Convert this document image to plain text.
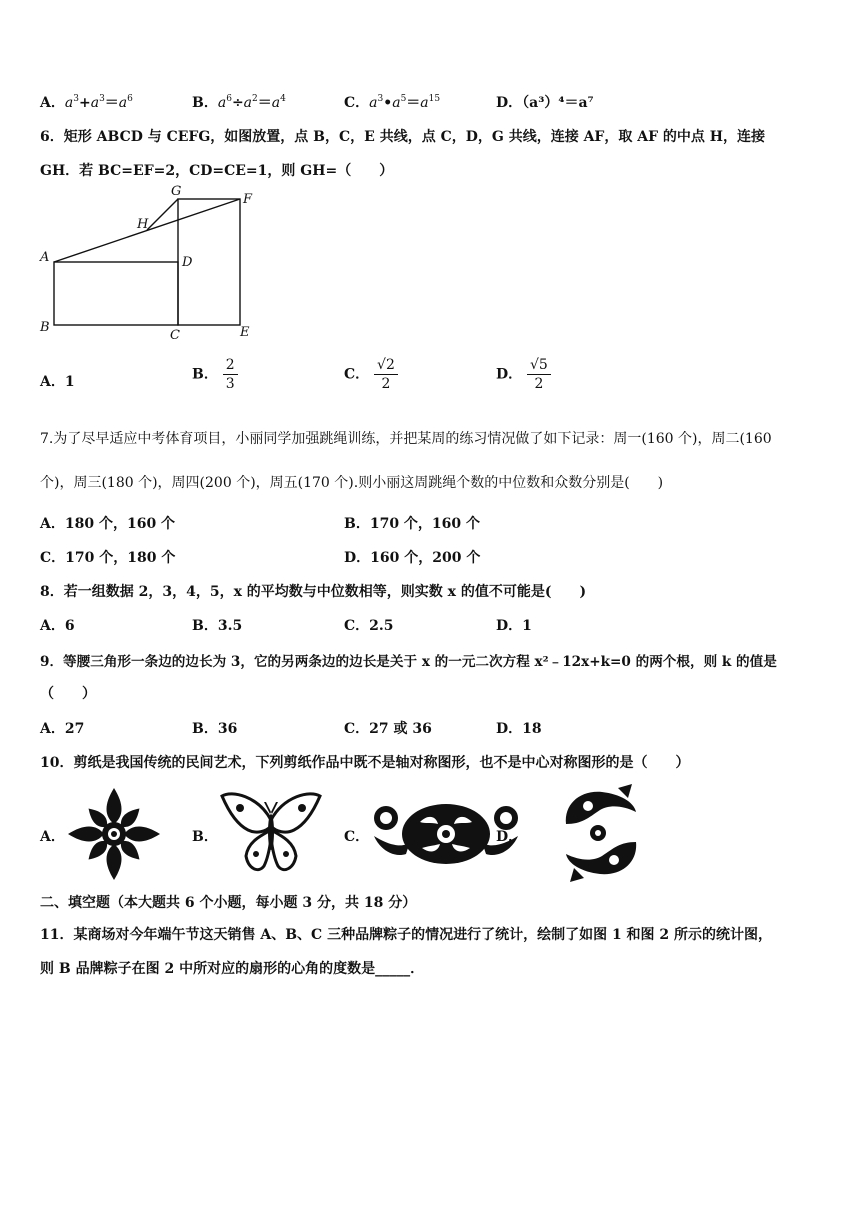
A．$a^3+a^3=a^6$	B．$a^6\div a^2=a^4$	C．$a^3•a^5=a^{15}$	D．（a³）⁴＝a⁷
6．矩形 ABCD 与 CEFG，如图放置，点 B，C，E 共线，点 C，D，G 共线，连接 AF，取 AF 的中点 H，连接
GH．若 BC=EF=2，CD=CE=1，则 GH=（　　）
A
B
C
D
E
F
G
H
A．1	B． $\frac{2}{3}$	C． $\frac{√2}{2}$	D． $\frac{√5}{2}$
7.为了尽早适应中考体育项目，小丽同学加强跳绳训练，并把某周的练习情况做了如下记录：周一(160 个)，周二(160
个)，周三(180 个)，周四(200 个)，周五(170 个).则小丽这周跳绳个数的中位数和众数分别是(　　)
A．180 个，160 个	B．170 个，160 个
C．170 个，180 个	D．160 个，200 个
8．若一组数据 2，3，4，5，x 的平均数与中位数相等，则实数 x 的值不可能是(　　)
A．6	B．3.5	C．2.5	D．1
9．等腰三角形一条边的边长为 3，它的另两条边的边长是关于 x 的一元二次方程 x²﹣12x+k=0 的两个根，则 k 的值是
（　　）
A．27	B．36	C．27 或 36	D．18
10．剪纸是我国传统的民间艺术，下列剪纸作品中既不是轴对称图形，也不是中心对称图形的是（　　）
A．	B．	C．	D．
二、填空题（本大题共 6 个小题，每小题 3 分，共 18 分）
11．某商场对今年端午节这天销售 A、B、C 三种品牌粽子的情况进行了统计，绘制了如图 1 和图 2 所示的统计图，
则 B 品牌粽子在图 2 中所对应的扇形的心角的度数是_____．
